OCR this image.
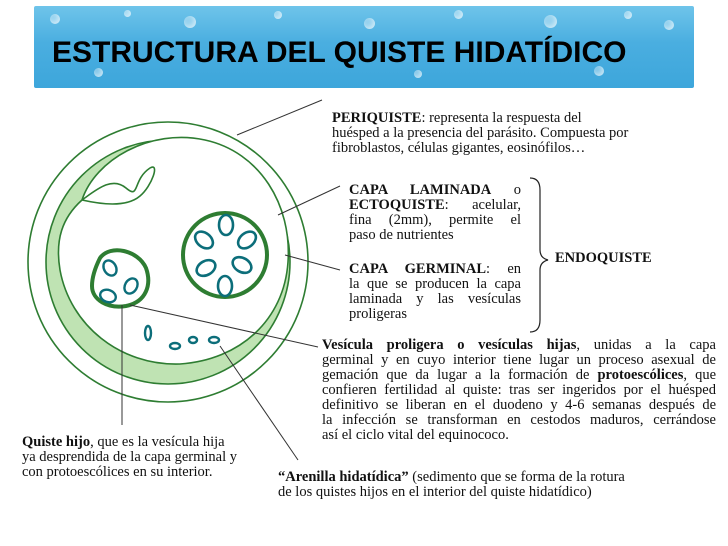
ESTRUCTURA DEL QUISTE HIDATÍDICO
PERIQUISTE: representa la respuesta del
huésped a la presencia del parásito. Compuesta por
fibroblastos, células gigantes, eosinófilos…
CAPA LAMINADA o
ECTOQUISTE: acelular,
fina (2mm), permite el
paso de nutrientes
CAPA GERMINAL: en
la que se producen la capa
laminada y las vesículas
proligeras
ENDOQUISTE
Vesícula proligera o vesículas hijas, unidas a la capa
germinal y en cuyo interior tiene lugar un proceso asexual de
gemación que da lugar a la formación de protoescólices, que
confieren fertilidad al quiste: tras ser ingeridos por el huésped
definitivo se liberan en el duodeno y 4-6 semanas después de
la infección se transforman en cestodos maduros, cerrándose
así el ciclo vital del equinococo.
Quiste hijo, que es la vesícula hija
ya desprendida de la capa germinal y
con protoescólices en su interior.	“Arenilla hidatídica” (sedimento que se forma de la rotura
de los quistes hijos en el interior del quiste hidatídico)
